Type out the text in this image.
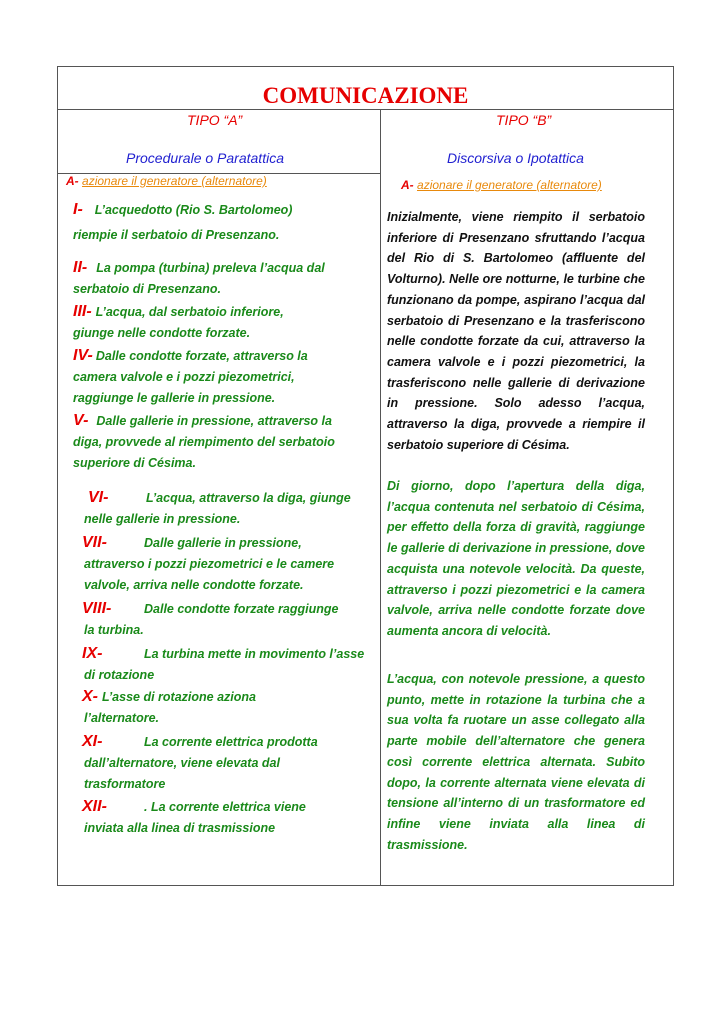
COMUNICAZIONE
TIPO “A”
Procedurale o Paratattica
A- azionare il generatore (alternatore)
TIPO “B”
Discorsiva o Ipotattica
A- azionare il generatore (alternatore)
I- L’acquedotto (Rio S. Bartolomeo)
riempie il serbatoio di Presenzano.
II- La pompa (turbina) preleva l’acqua dal
serbatoio di Presenzano.
III- L’acqua, dal serbatoio inferiore,
giunge nelle condotte forzate.
IV- Dalle condotte forzate, attraverso la
camera valvole e i pozzi piezometrici,
raggiunge le gallerie in pressione.
V- Dalle gallerie in pressione, attraverso la
diga, provvede al riempimento del serbatoio
superiore di Césima.
VI-	L’acqua, attraverso la diga, giunge
nelle gallerie in pressione.
VII-	Dalle gallerie in pressione,
attraverso i pozzi piezometrici e le camere
valvole, arriva nelle condotte forzate.
VIII-	Dalle condotte forzate raggiunge
la turbina.
IX-	La turbina mette in movimento l’asse
di rotazione
X- L’asse di rotazione aziona
l’alternatore.
XI-	La corrente elettrica prodotta
dall’alternatore, viene elevata dal
trasformatore
XII-	. La corrente elettrica viene
inviata alla linea di trasmissione
Inizialmente, viene riempito il serbatoio inferiore di Presenzano sfruttando l’acqua del Rio di S. Bartolomeo (affluente del Volturno). Nelle ore notturne, le turbine che funzionano da pompe, aspirano l’acqua dal serbatoio di Presenzano e la trasferiscono nelle condotte forzate da cui, attraverso la camera valvole e i pozzi piezometrici, la trasferiscono nelle gallerie di derivazione in pressione. Solo adesso l’acqua, attraverso la diga, provvede a riempire il serbatoio superiore di Césima.
Di giorno, dopo l’apertura della diga, l’acqua contenuta nel serbatoio di Césima, per effetto della forza di gravità, raggiunge le gallerie di derivazione in pressione, dove acquista una notevole velocità. Da queste, attraverso i pozzi piezometrici e la camera valvole, arriva nelle condotte forzate dove aumenta ancora di velocità.
L’acqua, con notevole pressione, a questo punto, mette in rotazione la turbina che a sua volta fa ruotare un asse collegato alla parte mobile dell’alternatore che genera così corrente elettrica alternata. Subito dopo, la corrente alternata viene elevata di tensione all’interno di un trasformatore ed infine viene inviata alla linea di trasmissione.
